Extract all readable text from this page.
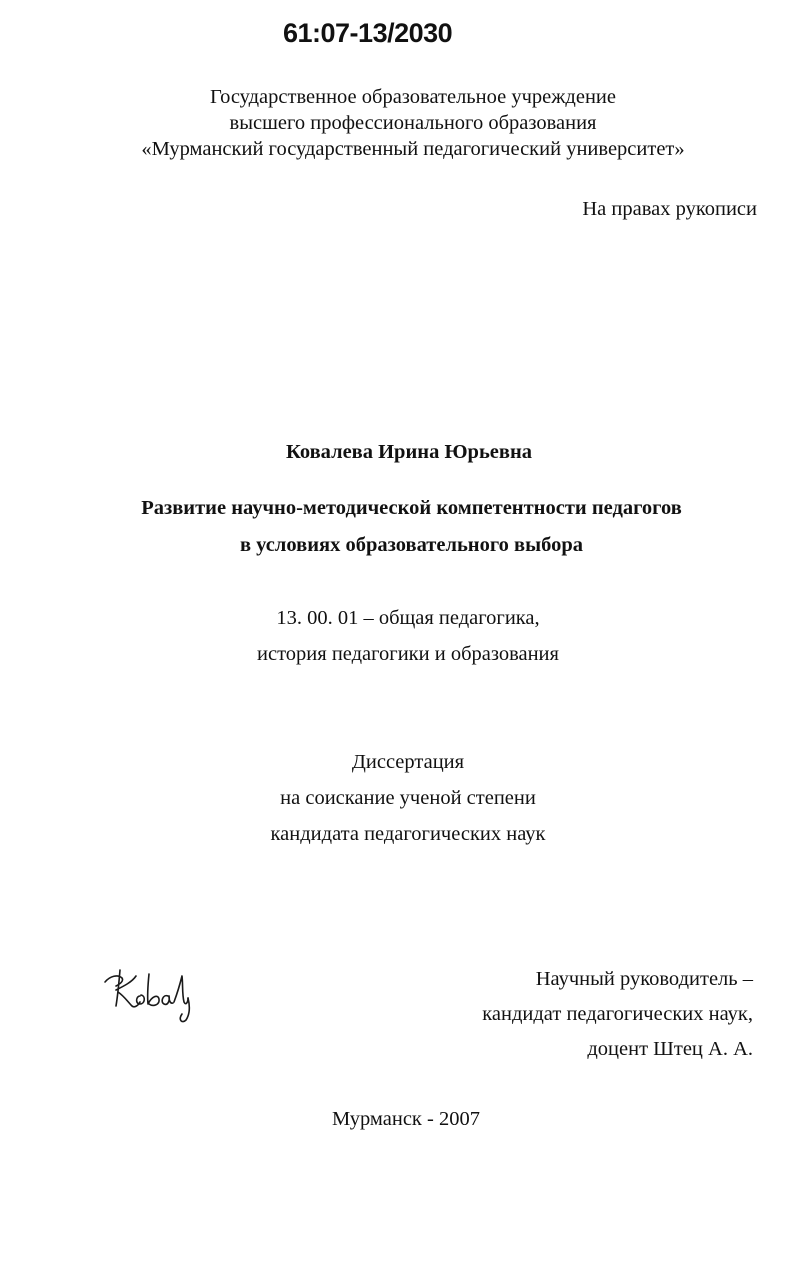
61:07-13/2030
Государственное образовательное учреждение
высшего профессионального образования
«Мурманский государственный педагогический университет»
На правах рукописи
Ковалева Ирина Юрьевна
Развитие научно-методической компетентности педагогов
в условиях образовательного выбора
13. 00. 01 – общая педагогика,
история педагогики и образования
Диссертация
на соискание ученой степени
кандидата педагогических наук
Научный руководитель –
кандидат педагогических наук,
доцент Штец А. А.
Мурманск - 2007
